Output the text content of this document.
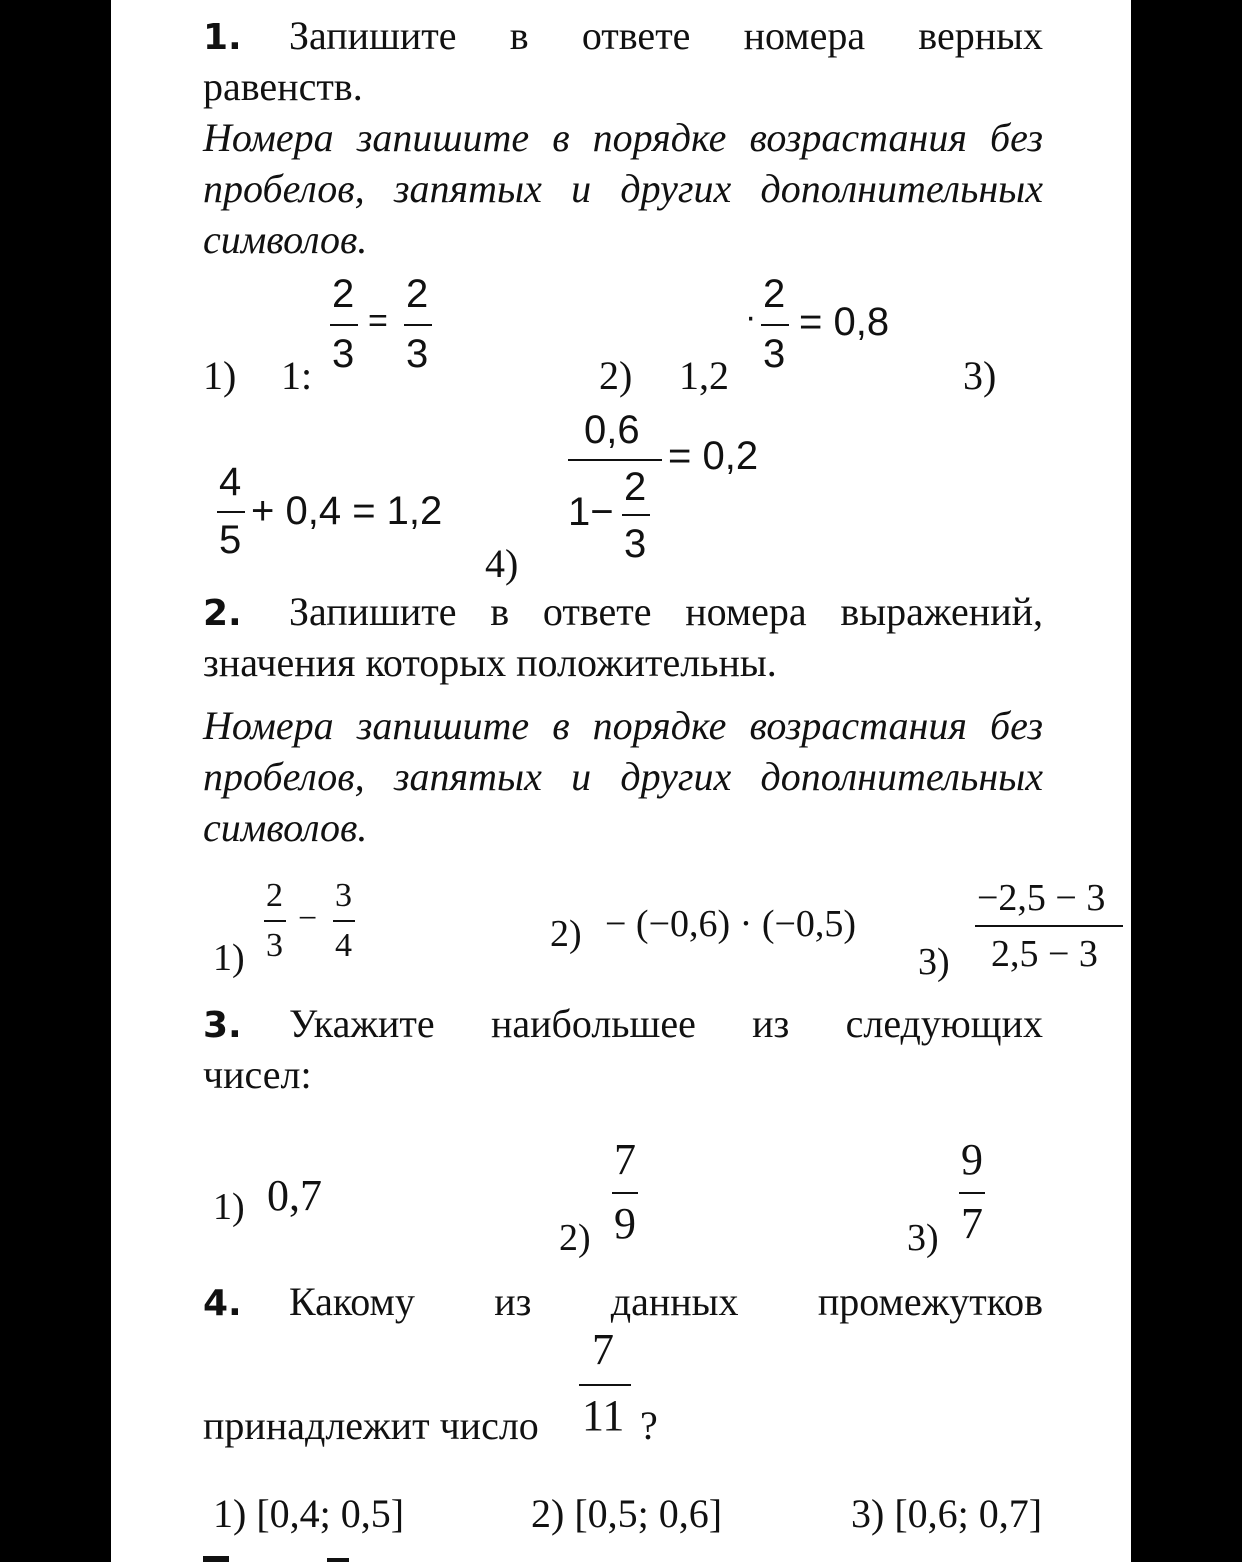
1. Запишите в ответе номера верных
равенств.
Номера запишите в порядке возрастания без
пробелов, запятых и других дополнительных
символов.
1) 1:
2
3
=
2
3	2) 1,2
·
2
3
= 0,8
3)
4
5
+ 0,4 = 1,2
4)
0,6
1−
2
3
= 0,2
2. Запишите в ответе номера выражений,
значения которых положительны.
Номера запишите в порядке возрастания без
пробелов, запятых и других дополнительных
символов.
1)
2
3
−
3
4	2) − (−0,6) · (−0,5)
3)
−2,5 − 3
2,5 − 3
3. Укажите наибольшее из следующих
чисел:
1) 0,7
2)
7
9	3)
9
7
4. Какому из данных промежутков
принадлежит число
7
11 ?
1) [0,4; 0,5]	2) [0,5; 0,6]	3) [0,6; 0,7]
